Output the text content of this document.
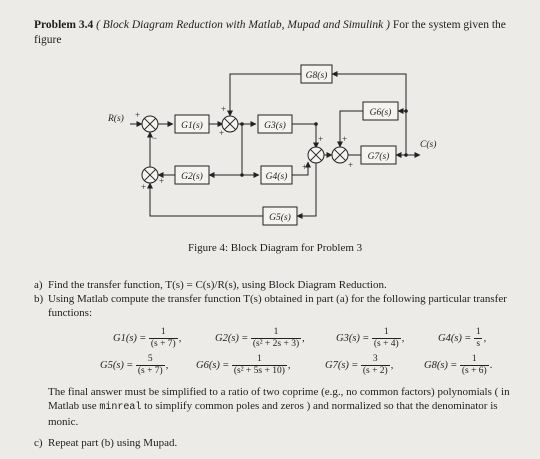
Problem 3.4 ( Block Diagram Reduction with Matlab, Mupad and Simulink ) For the system given the figure
G1(s)
G2(s)
G3(s)
G4(s)
G5(s)
G6(s)
G7(s)
G8(s)
R(s)
C(s)
+
−
+
+
+
+
+
+
+
+
Figure 4: Block Diagram for Problem 3
a) Find the transfer function, T(s) = C(s)/R(s), using Block Diagram Reduction.
b) Using Matlab compute the transfer function T(s) obtained in part (a) for the following particular transfer functions:
$G1(s) = \frac{1}{(s + 7)}$ ,	$G2(s) = \frac{1}{\text{(s² + 2s + 3)}}$ ,	$G3(s) = \frac{1}{(s + 4)}$ ,	$G4(s) = \frac{1}{s}$ ,
$G5(s) = \frac{5}{(s + 7)}$ ,	$G6(s) = \frac{1}{\text{(s² + 5s + 10)}}$ ,	$G7(s) = \frac{3}{(s + 2)}$ ,	$G8(s) = \frac{1}{(s + 6)}$ .
The final answer must be simplified to a ratio of two coprime (e.g., no common factors) polynomials ( in Matlab use minreal to simplify common poles and zeros ) and normalized so that the denominator is monic.
c) Repeat part (b) using Mupad.
